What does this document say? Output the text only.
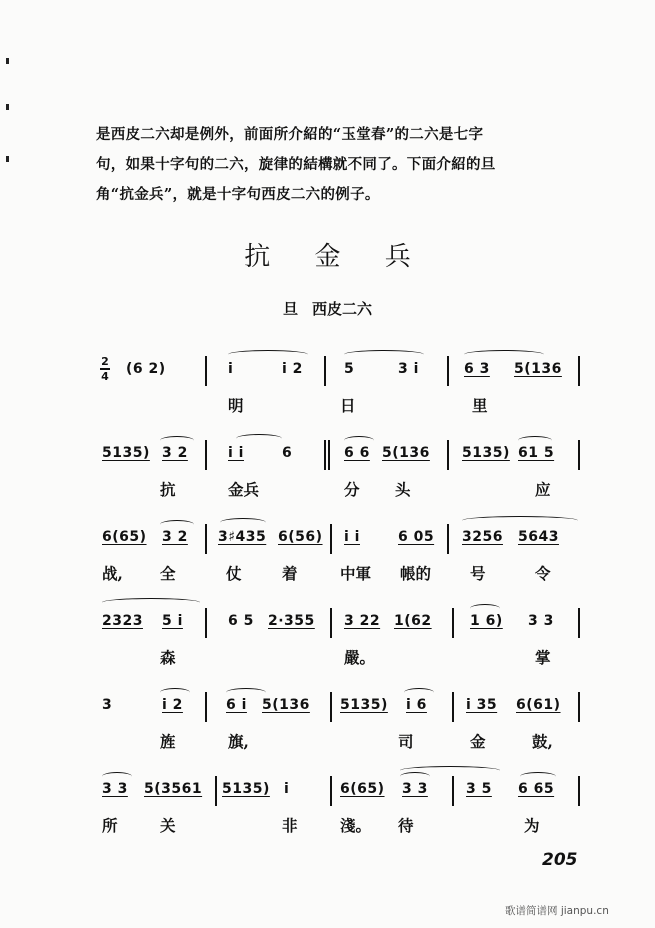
是西皮二六却是例外，前面所介紹的“玉堂春”的二六是七字
句，如果十字句的二六，旋律的結構就不同了。下面介紹的旦
角“抗金兵”，就是十字句西皮二六的例子。
抗 金 兵
旦 西皮二六
2
4 (6 2)	i	i 2	5	3 i	6 3 5(136
明	日	里
5135) 3 2	i i	6	6 6 5(136 5135) 61 5
抗	金兵	分 头	应
6(65) 3 2 3♯435 6(56) i i	6 05 3256 5643
战, 全	仗	着	中軍 帳的	号	令
2323 5 i	6 5 2·355 3 22 1(62	1 6) 3 3
森	嚴。	掌
3	i 2	6 i 5(136 5135) i 6	i 35 6(61)
旌	旗,	司	金	鼓,
3 3 5(3561 5135) i	6(65) 3 3	3 5 6 65
所	关	非	淺。 待	为
205
歌谱简谱网 jianpu.cn
